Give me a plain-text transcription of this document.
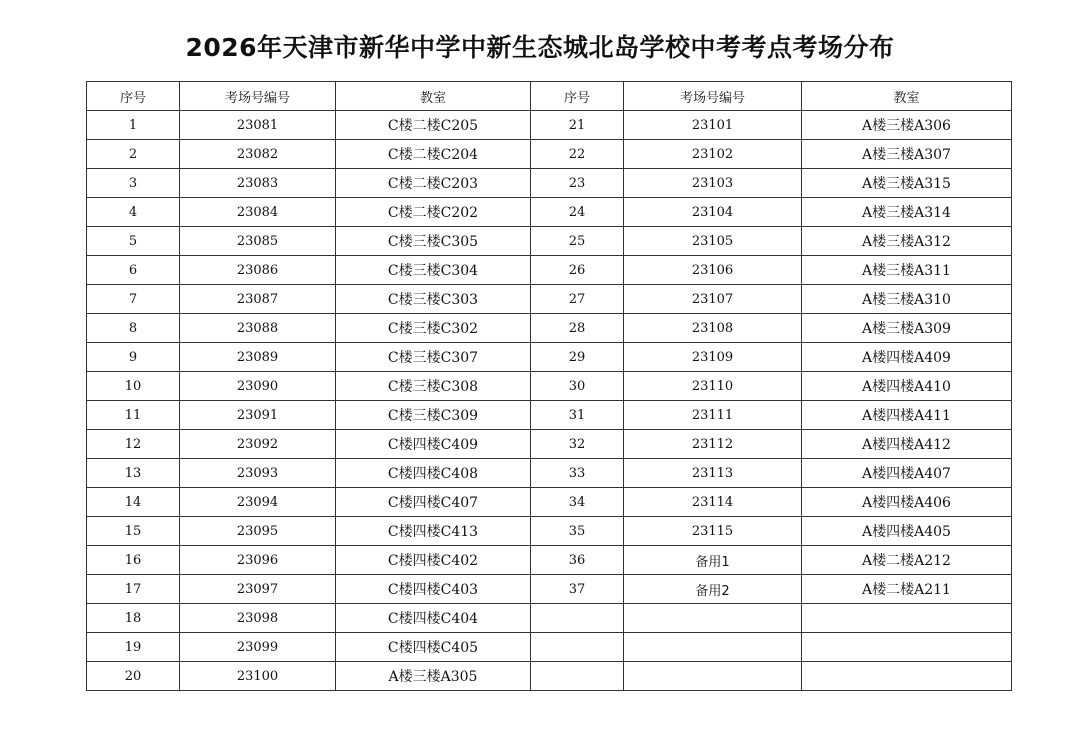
2026年天津市新华中学中新生态城北岛学校中考考点考场分布
序号	考场号编号	教室	序号	考场号编号	教室
1	23081	C楼二楼C205	21	23101	A楼三楼A306
2	23082	C楼二楼C204	22	23102	A楼三楼A307
3	23083	C楼二楼C203	23	23103	A楼三楼A315
4	23084	C楼二楼C202	24	23104	A楼三楼A314
5	23085	C楼三楼C305	25	23105	A楼三楼A312
6	23086	C楼三楼C304	26	23106	A楼三楼A311
7	23087	C楼三楼C303	27	23107	A楼三楼A310
8	23088	C楼三楼C302	28	23108	A楼三楼A309
9	23089	C楼三楼C307	29	23109	A楼四楼A409
10	23090	C楼三楼C308	30	23110	A楼四楼A410
11	23091	C楼三楼C309	31	23111	A楼四楼A411
12	23092	C楼四楼C409	32	23112	A楼四楼A412
13	23093	C楼四楼C408	33	23113	A楼四楼A407
14	23094	C楼四楼C407	34	23114	A楼四楼A406
15	23095	C楼四楼C413	35	23115	A楼四楼A405
16	23096	C楼四楼C402	36	备用1	A楼二楼A212
17	23097	C楼四楼C403	37	备用2	A楼二楼A211
18	23098	C楼四楼C404			
19	23099	C楼四楼C405			
20	23100	A楼三楼A305			
